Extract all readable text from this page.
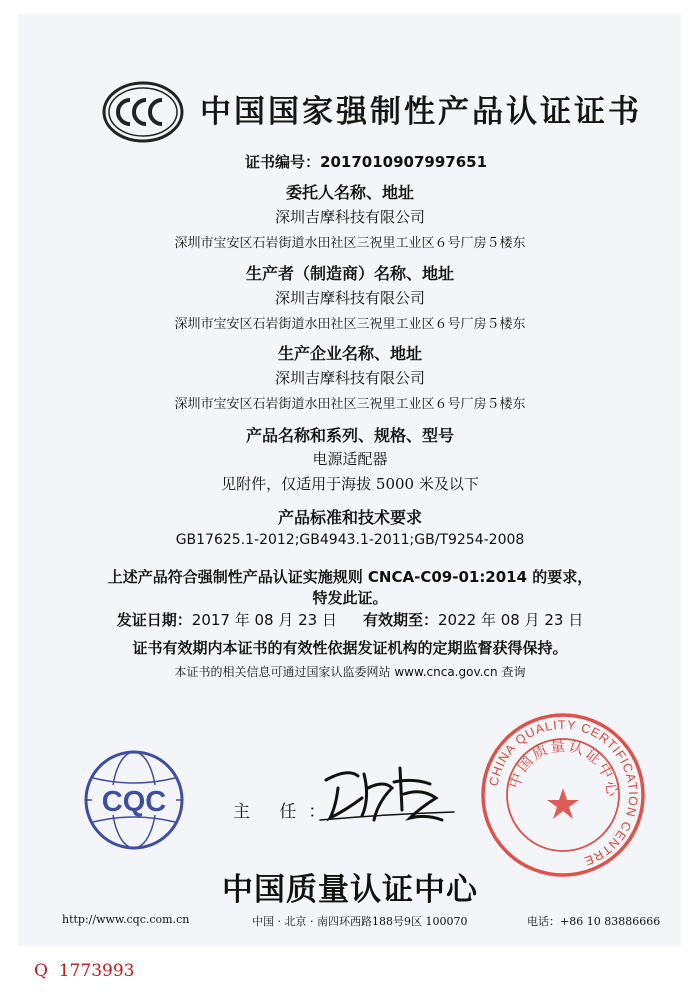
中国国家强制性产品认证证书
证书编号：2017010907997651
委托人名称、地址
深圳吉摩科技有限公司
深圳市宝安区石岩街道水田社区三祝里工业区６号厂房５楼东
生产者（制造商）名称、地址
深圳吉摩科技有限公司
深圳市宝安区石岩街道水田社区三祝里工业区６号厂房５楼东
生产企业名称、地址
深圳吉摩科技有限公司
深圳市宝安区石岩街道水田社区三祝里工业区６号厂房５楼东
产品名称和系列、规格、型号
电源适配器
见附件，仅适用于海拔 5000 米及以下
产品标准和技术要求
GB17625.1-2012;GB4943.1-2011;GB/T9254-2008
上述产品符合强制性产品认证实施规则 CNCA-C09-01:2014 的要求，
特发此证。
发证日期：2017 年 08 月 23 日 有效期至：2022 年 08 月 23 日
证书有效期内本证书的有效性依据发证机构的定期监督获得保持。
本证书的相关信息可通过国家认监委网站 www.cnca.gov.cn 查询
CQC	主 任：
中国质量认证中心
http://www.cqc.com.cn	中国 · 北京 · 南四环西路188号9区 100070	电话：+86 10 83886666
CHINA QUALITY CERTIFICATION CENTRE
中国质量认证中心
Q 1773993
